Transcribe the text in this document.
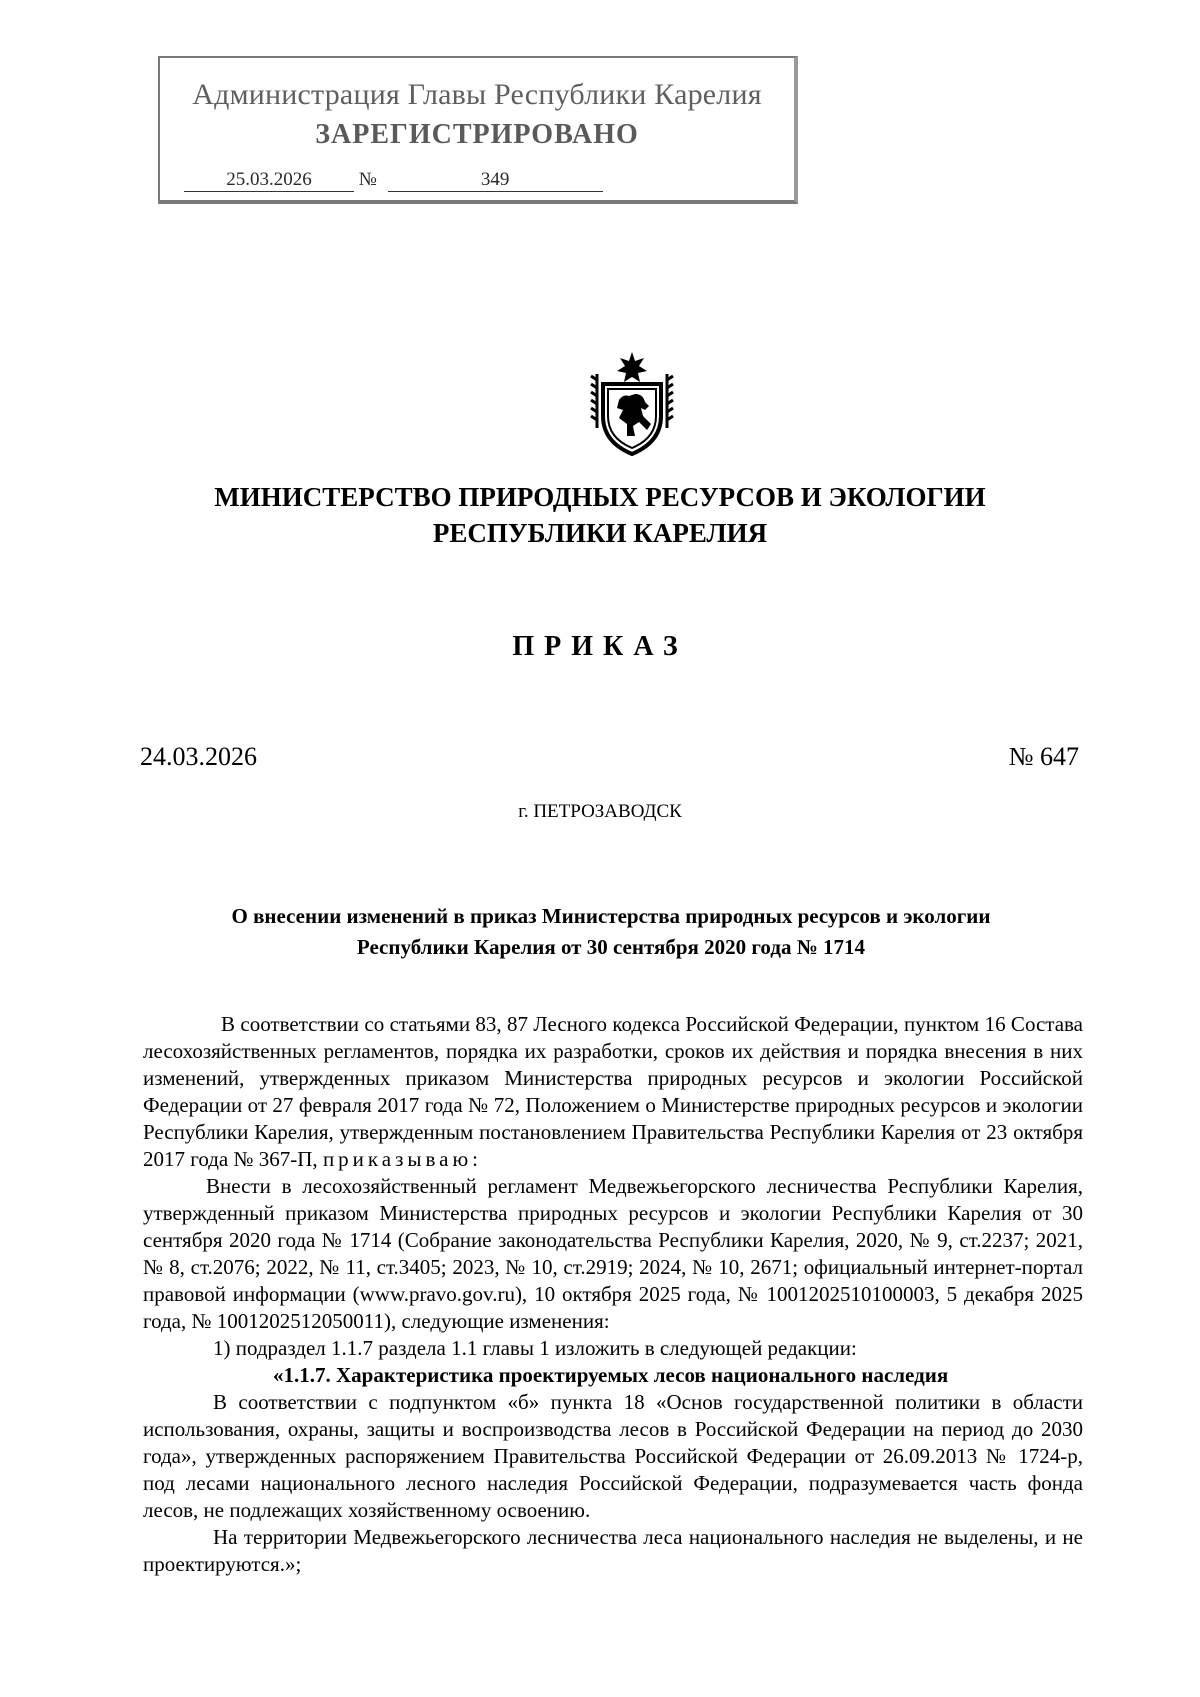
Администрация Главы Республики Карелия
ЗАРЕГИСТРИРОВАНО
25.03.2026 №	349
МИНИСТЕРСТВО ПРИРОДНЫХ РЕСУРСОВ И ЭКОЛОГИИ
РЕСПУБЛИКИ КАРЕЛИЯ
ПРИКАЗ
24.03.2026	№ 647
г. ПЕТРОЗАВОДСК
О внесении изменений в приказ Министерства природных ресурсов и экологии
Республики Карелия от 30 сентября 2020 года № 1714

В соответствии со статьями 83, 87 Лесного кодекса Российской Федерации, пунктом 16 Состава лесохозяйственных регламентов, порядка их разработки, сроков их действия и порядка внесения в них изменений, утвержденных приказом Министерства природных ресурсов и экологии Российской Федерации от 27 февраля 2017 года № 72, Положением о Министерстве природных ресурсов и экологии Республики Карелия, утвержденным постановлением Правительства Республики Карелия от 23 октября 2017 года № 367-П, приказываю:

Внести в лесохозяйственный регламент Медвежьегорского лесничества Республики Карелия, утвержденный приказом Министерства природных ресурсов и экологии Республики Карелия от 30 сентября 2020 года № 1714 (Собрание законодательства Республики Карелия, 2020, № 9, ст.2237; 2021, № 8, ст.2076; 2022, № 11, ст.3405; 2023, № 10, ст.2919; 2024, № 10, 2671; официальный интернет-портал правовой информации (www.pravo.gov.ru), 10 октября 2025 года, № 1001202510100003, 5 декабря 2025 года, № 1001202512050011), следующие изменения:

1) подраздел 1.1.7 раздела 1.1 главы 1 изложить в следующей редакции:

«1.1.7. Характеристика проектируемых лесов национального наследия

В соответствии с подпунктом «б» пункта 18 «Основ государственной политики в области использования, охраны, защиты и воспроизводства лесов в Российской Федерации на период до 2030 года», утвержденных распоряжением Правительства Российской Федерации от 26.09.2013 № 1724-р, под лесами национального лесного наследия Российской Федерации, подразумевается часть фонда лесов, не подлежащих хозяйственному освоению.

На территории Медвежьегорского лесничества леса национального наследия не выделены, и не проектируются.»;
